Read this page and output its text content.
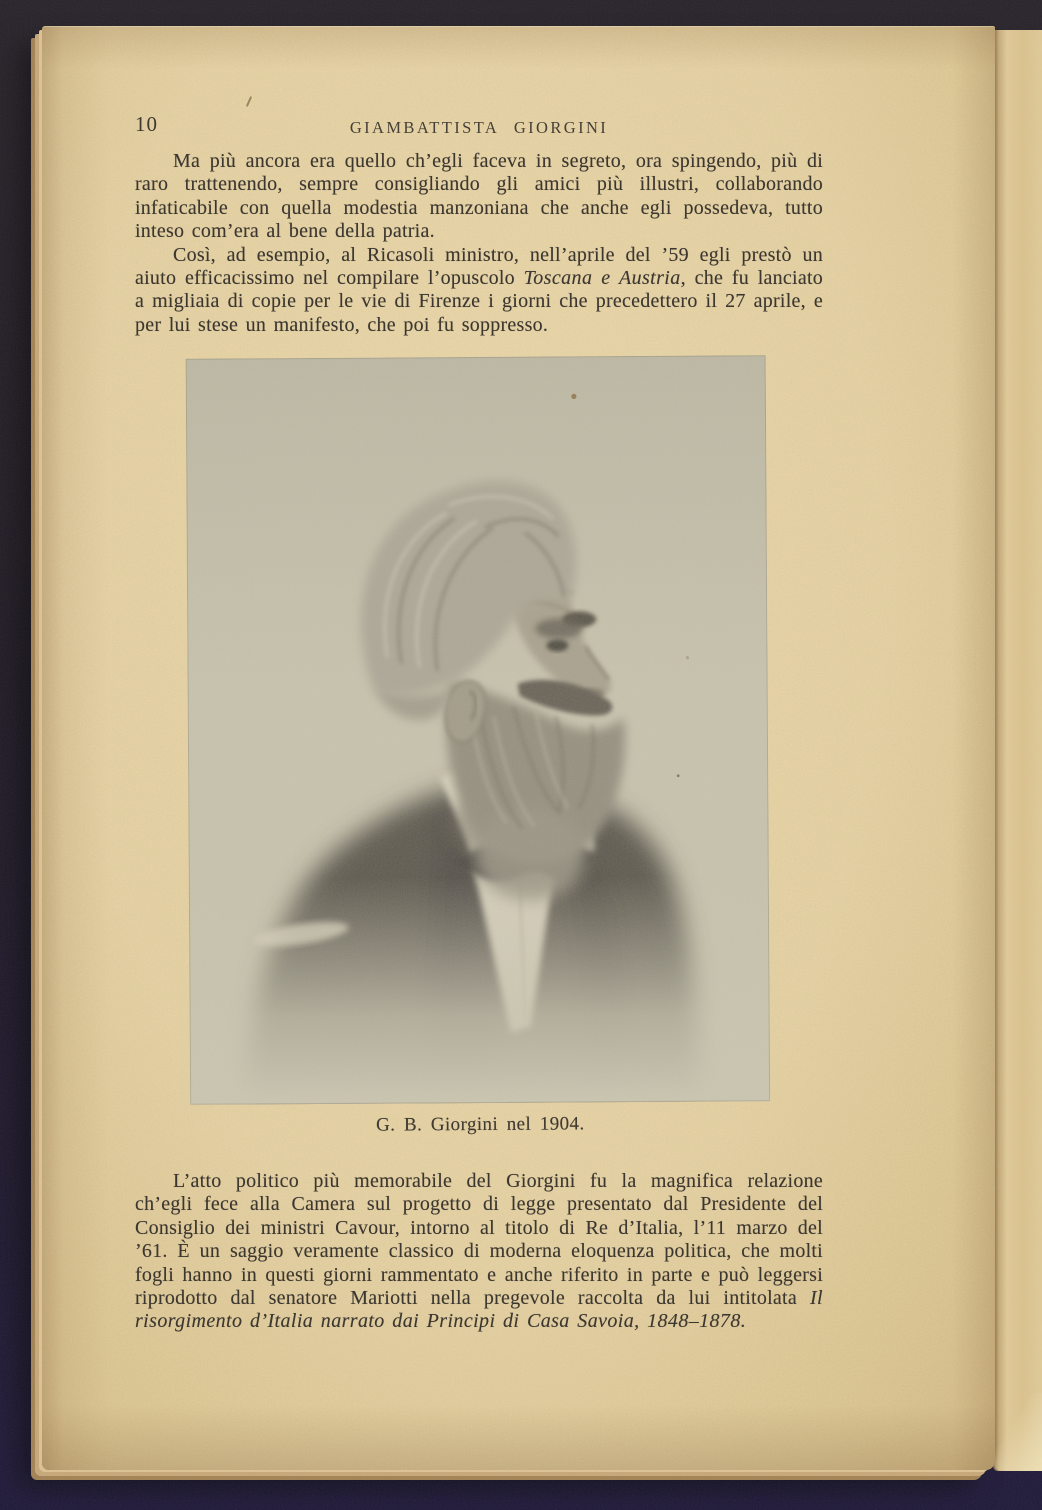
10	GIAMBATTISTA GIORGINI

Ma più ancora era quello ch’egli faceva in segreto, ora spingendo, più di raro trattenendo, sempre consigliando gli amici più illustri, collaborando infaticabile con quella modestia manzoniana che anche egli possedeva, tutto inteso com’era al bene della patria.

Così, ad esempio, al Ricasoli ministro, nell’aprile del ’59 egli prestò un aiuto efficacissimo nel compilare l’opuscolo Toscana e Austria, che fu lanciato a migliaia di copie per le vie di Firenze i giorni che precedettero il 27 aprile, e per lui stese un manifesto, che poi fu soppresso.

G. B. Giorgini nel 1904.

L’atto politico più memorabile del Giorgini fu la magnifica relazione ch’egli fece alla Camera sul progetto di legge presentato dal Presidente del Consiglio dei ministri Cavour, intorno al titolo di Re d’Italia, l’11 marzo del ’61. È un saggio veramente classico di moderna eloquenza politica, che molti fogli hanno in questi giorni rammentato e anche riferito in parte e può leggersi riprodotto dal senatore Mariotti nella pregevole raccolta da lui intitolata Il risorgimento d’Italia narrato dai Principi di Casa Savoia, 1848–1878.
